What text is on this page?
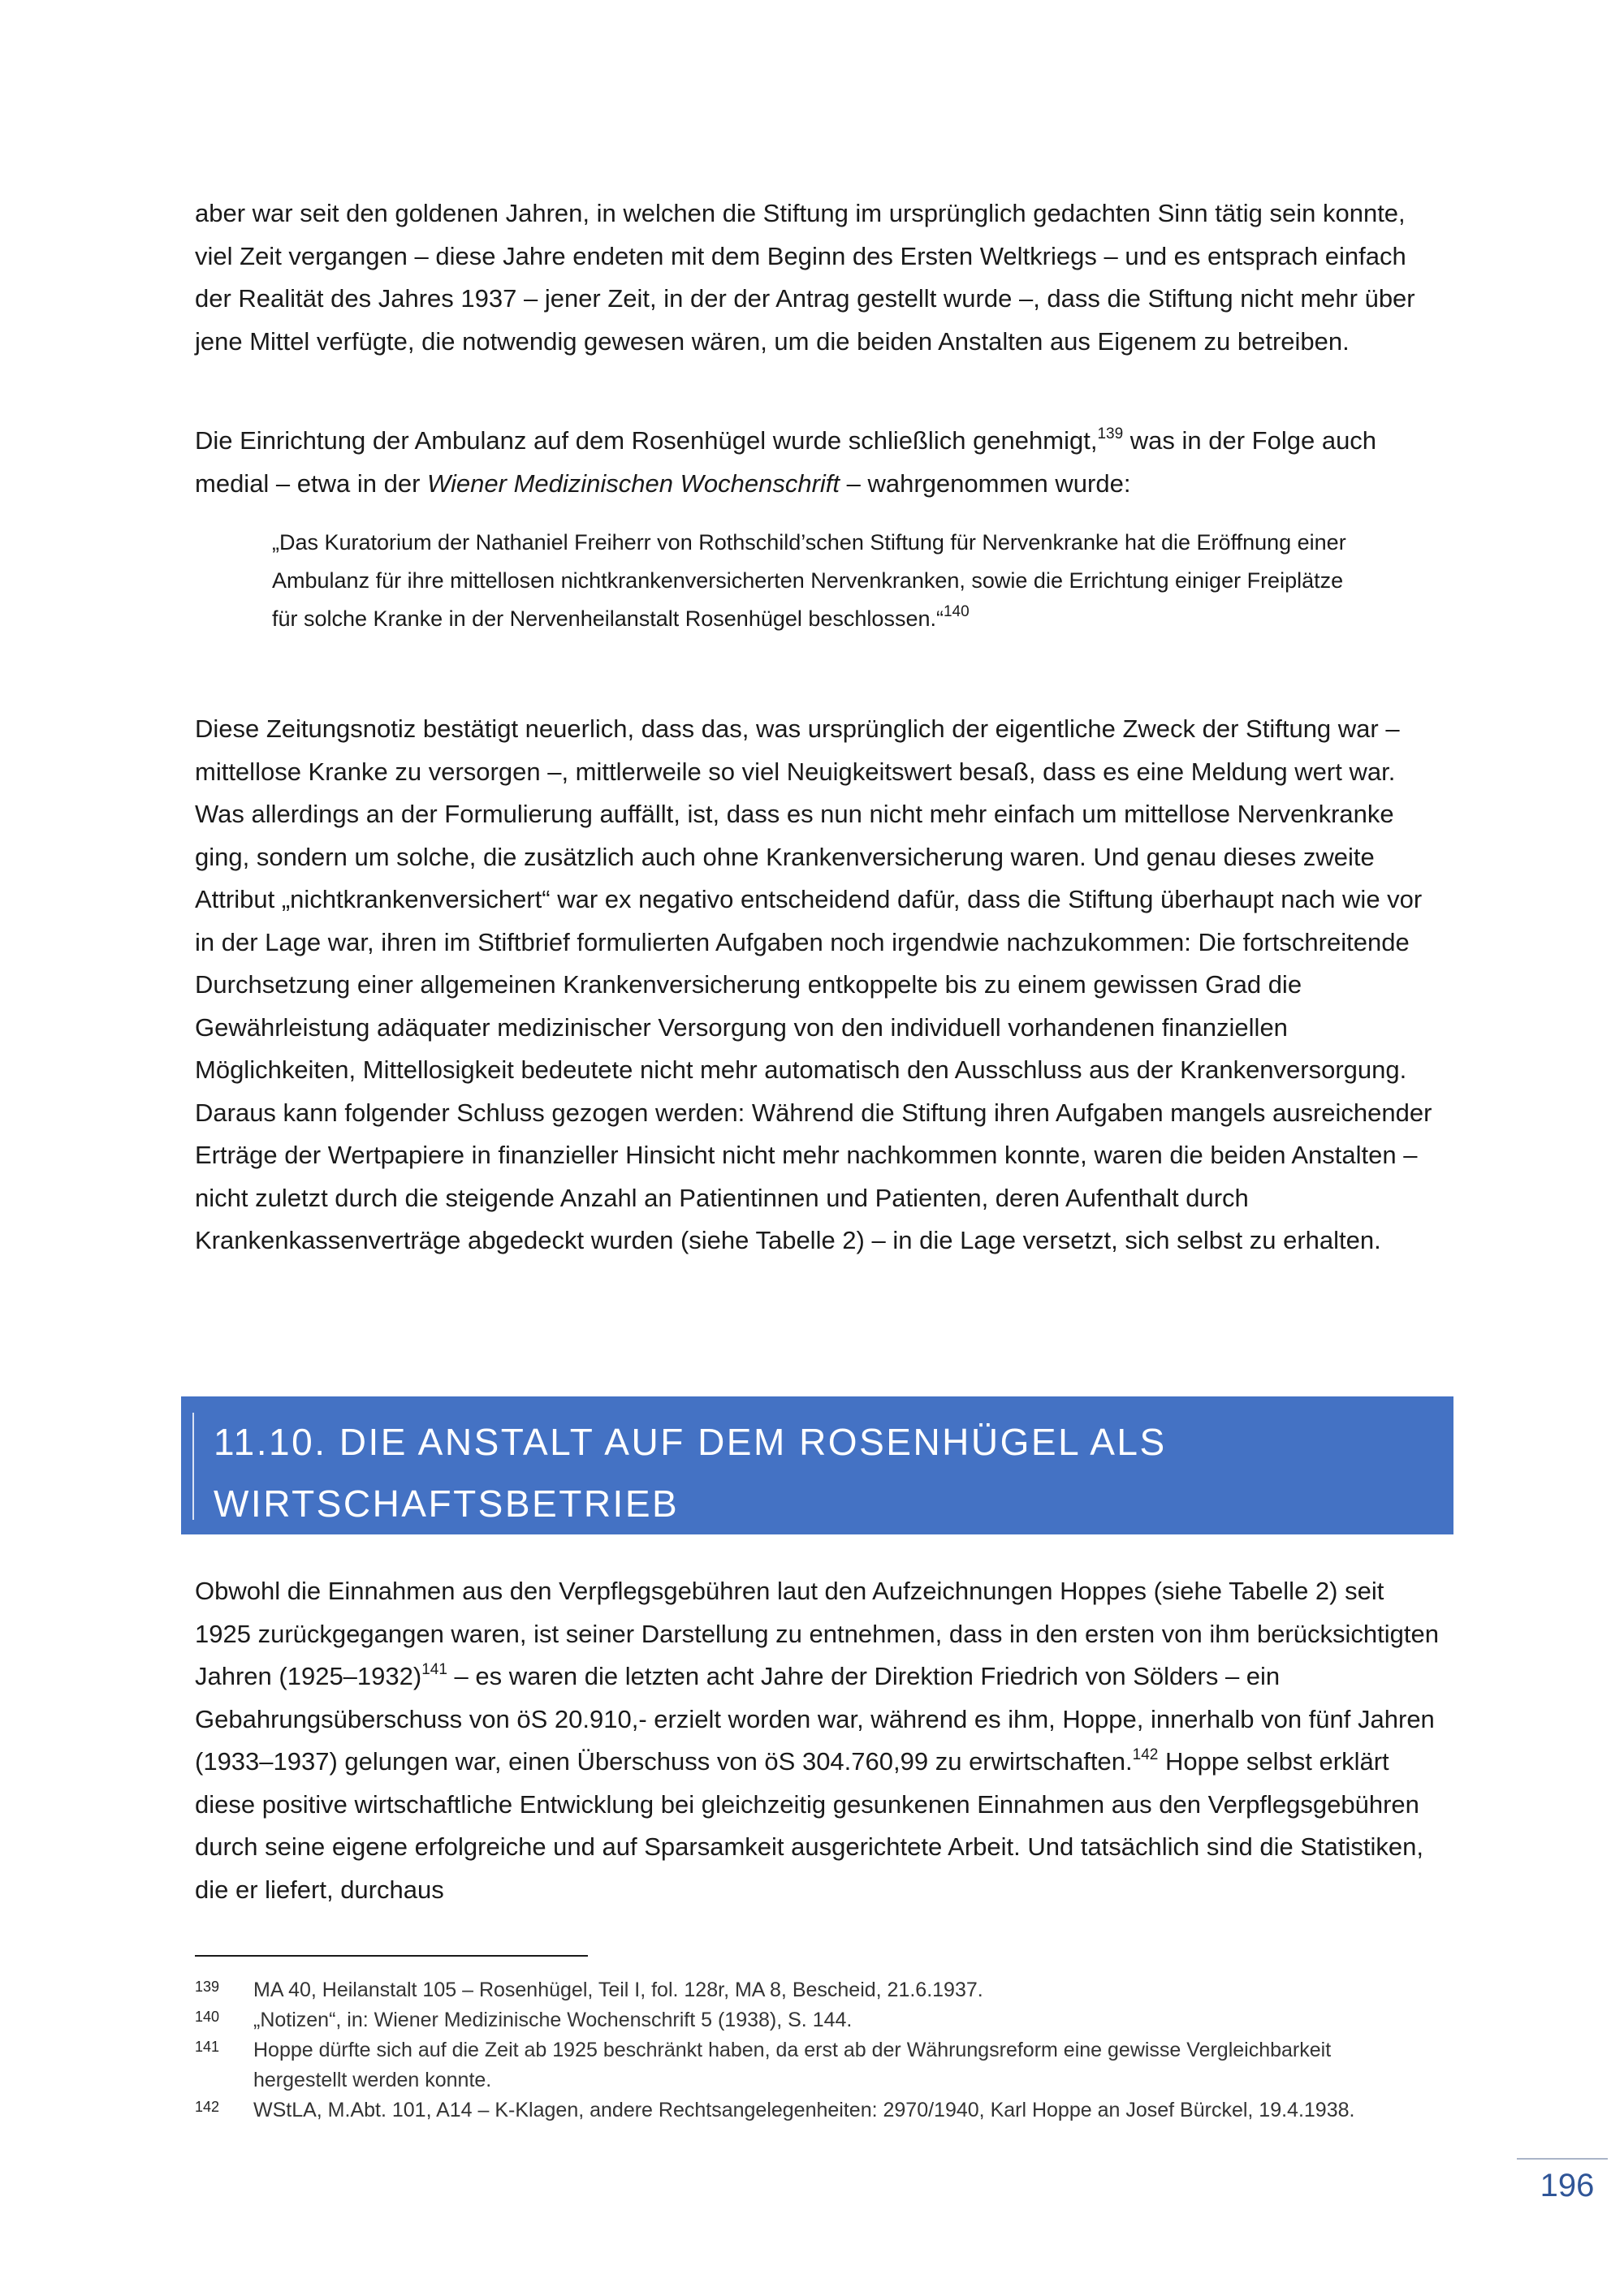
aber war seit den goldenen Jahren, in welchen die Stiftung im ursprünglich gedachten Sinn tätig sein konnte, viel Zeit vergangen – diese Jahre endeten mit dem Beginn des Ersten Weltkriegs – und es entsprach einfach der Realität des Jahres 1937 – jener Zeit, in der der Antrag gestellt wurde –, dass die Stiftung nicht mehr über jene Mittel verfügte, die notwendig gewesen wären, um die beiden Anstalten aus Eigenem zu betreiben.

Die Einrichtung der Ambulanz auf dem Rosenhügel wurde schließlich genehmigt,$^{139}$ was in der Folge auch medial – etwa in der Wiener Medizinischen Wochenschrift – wahrgenommen wurde:

„Das Kuratorium der Nathaniel Freiherr von Rothschild’schen Stiftung für Nervenkranke hat die Eröffnung einer Ambulanz für ihre mittellosen nichtkrankenversicherten Nervenkranken, sowie die Errichtung einiger Freiplätze für solche Kranke in der Nervenheilanstalt Rosenhügel beschlossen.“$^{140}$

Diese Zeitungsnotiz bestätigt neuerlich, dass das, was ursprünglich der eigentliche Zweck der Stiftung war – mittellose Kranke zu versorgen –, mittlerweile so viel Neuigkeitswert besaß, dass es eine Meldung wert war. Was allerdings an der Formulierung auffällt, ist, dass es nun nicht mehr einfach um mittellose Nervenkranke ging, sondern um solche, die zusätzlich auch ohne Krankenversicherung waren. Und genau dieses zweite Attribut „nichtkrankenversichert“ war ex negativo entscheidend dafür, dass die Stiftung überhaupt nach wie vor in der Lage war, ihren im Stiftbrief formulierten Aufgaben noch irgendwie nachzukommen: Die fortschreitende Durchsetzung einer allgemeinen Krankenversicherung entkoppelte bis zu einem gewissen Grad die Gewährleistung adäquater medizinischer Versorgung von den individuell vorhandenen finanziellen Möglichkeiten, Mittellosigkeit bedeutete nicht mehr automatisch den Ausschluss aus der Krankenversorgung. Daraus kann folgender Schluss gezogen werden: Während die Stiftung ihren Aufgaben mangels ausreichender Erträge der Wertpapiere in finanzieller Hinsicht nicht mehr nachkommen konnte, waren die beiden Anstalten – nicht zuletzt durch die steigende Anzahl an Patientinnen und Patienten, deren Aufenthalt durch Krankenkassenverträge abgedeckt wurden (siehe Tabelle 2) – in die Lage versetzt, sich selbst zu erhalten.

11.10. DIE ANSTALT AUF DEM ROSENHÜGEL ALS

WIRTSCHAFTSBETRIEB

Obwohl die Einnahmen aus den Verpflegsgebühren laut den Aufzeichnungen Hoppes (siehe Tabelle 2) seit 1925 zurückgegangen waren, ist seiner Darstellung zu entnehmen, dass in den ersten von ihm berücksichtigten Jahren (1925–1932)$^{141}$ – es waren die letzten acht Jahre der Direktion Friedrich von Sölders – ein Gebahrungsüberschuss von öS 20.910,- erzielt worden war, während es ihm, Hoppe, innerhalb von fünf Jahren (1933–1937) gelungen war, einen Überschuss von öS 304.760,99 zu erwirtschaften.$^{142}$ Hoppe selbst erklärt diese positive wirtschaftliche Entwicklung bei gleichzeitig gesunkenen Einnahmen aus den Verpflegsgebühren durch seine eigene erfolgreiche und auf Sparsamkeit ausgerichtete Arbeit. Und tatsächlich sind die Statistiken, die er liefert, durchaus

139 MA 40, Heilanstalt 105 – Rosenhügel, Teil I, fol. 128r, MA 8, Bescheid, 21.6.1937.

140 „Notizen“, in: Wiener Medizinische Wochenschrift 5 (1938), S. 144.

141 Hoppe dürfte sich auf die Zeit ab 1925 beschränkt haben, da erst ab der Währungsreform eine gewisse Vergleichbarkeit hergestellt werden konnte.

142 WStLA, M.Abt. 101, A14 – K-Klagen, andere Rechtsangelegenheiten: 2970/1940, Karl Hoppe an Josef Bürckel, 19.4.1938.

196
